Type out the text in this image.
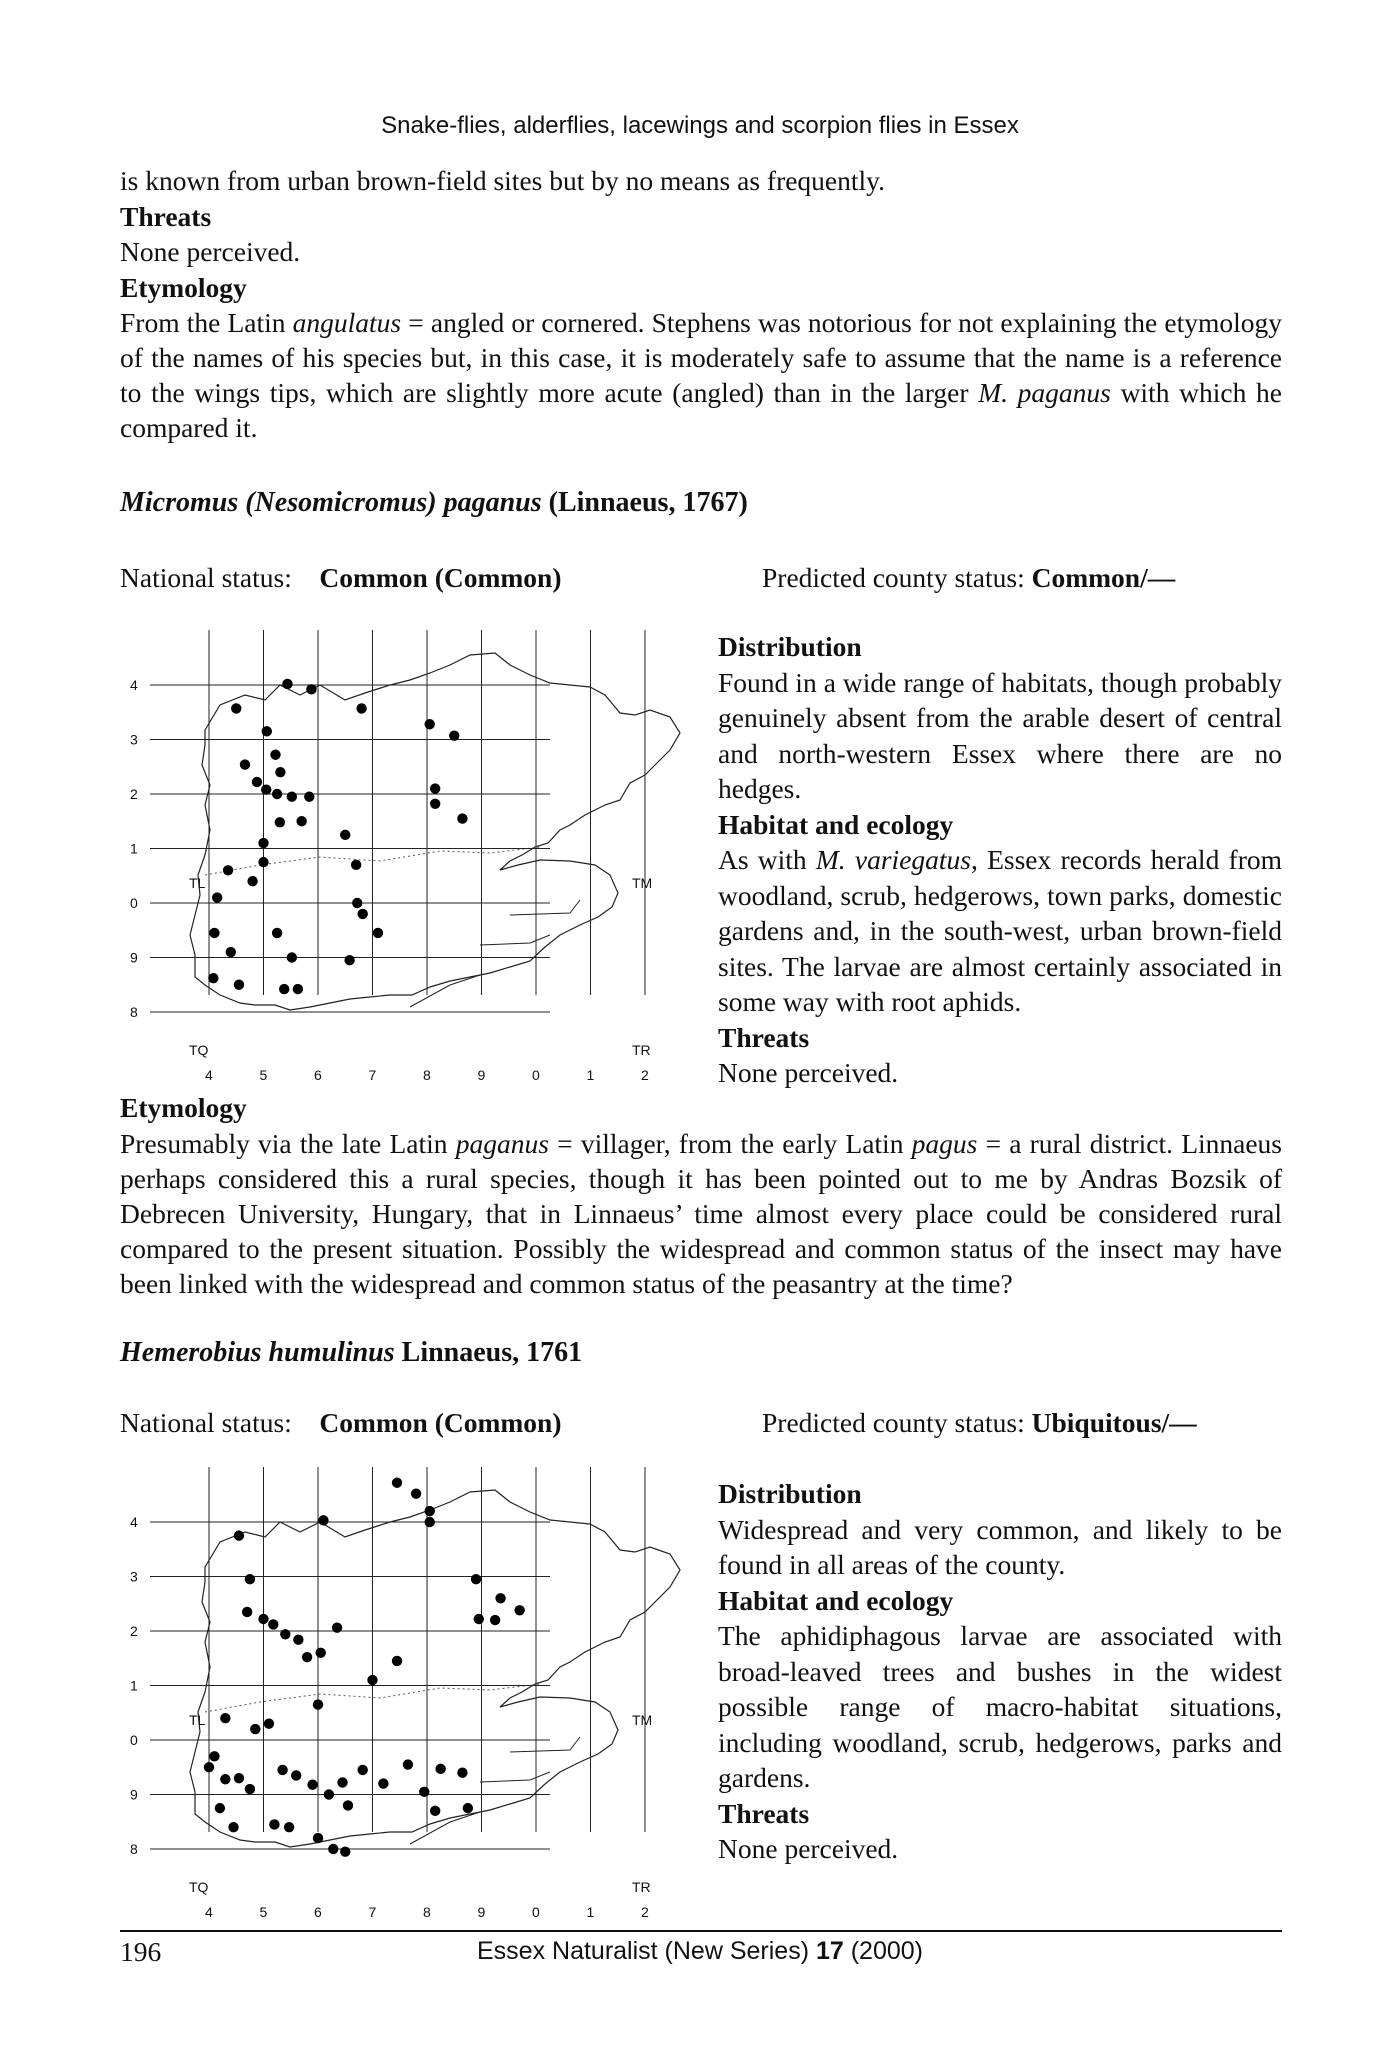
Snake-flies, alderflies, lacewings and scorpion flies in Essex
is known from urban brown-field sites but by no means as frequently.
Threats
None perceived.
Etymology
From the Latin angulatus = angled or cornered. Stephens was notorious for not explaining the etymology of the names of his species but, in this case, it is moderately safe to assume that the name is a reference to the wings tips, which are slightly more acute (angled) than in the larger M. paganus with which he compared it.
Micromus (Nesomicromus) paganus (Linnaeus, 1767)
National status: Common (Common)	Predicted county status: Common/—
4
3
2
1
0
9
8
4	5	6	7	8	9	0	1	2
TL	TM
TQ	TR
Distribution
Found in a wide range of habitats, though probably genuinely absent from the arable desert of central and north-western Essex where there are no hedges.
Habitat and ecology
As with M. variegatus, Essex records herald from woodland, scrub, hedgerows, town parks, domestic gardens and, in the south-west, urban brown-field sites. The larvae are almost certainly associated in some way with root aphids.
Threats
None perceived.
Etymology
Presumably via the late Latin paganus = villager, from the early Latin pagus = a rural district. Linnaeus perhaps considered this a rural species, though it has been pointed out to me by Andras Bozsik of Debrecen University, Hungary, that in Linnaeus’ time almost every place could be considered rural compared to the present situation. Possibly the widespread and common status of the insect may have been linked with the widespread and common status of the peasantry at the time?
Hemerobius humulinus Linnaeus, 1761
National status: Common (Common)	Predicted county status: Ubiquitous/—
4
3
2
1
0
9
8
4	5	6	7	8	9	0	1	2
TL	TM
TQ	TR
Distribution
Widespread and very common, and likely to be found in all areas of the county.
Habitat and ecology
The aphidiphagous larvae are associated with broad-leaved trees and bushes in the widest possible range of macro-habitat situations, including woodland, scrub, hedgerows, parks and gardens.
Threats
None perceived.
196	Essex Naturalist (New Series) 17 (2000)
